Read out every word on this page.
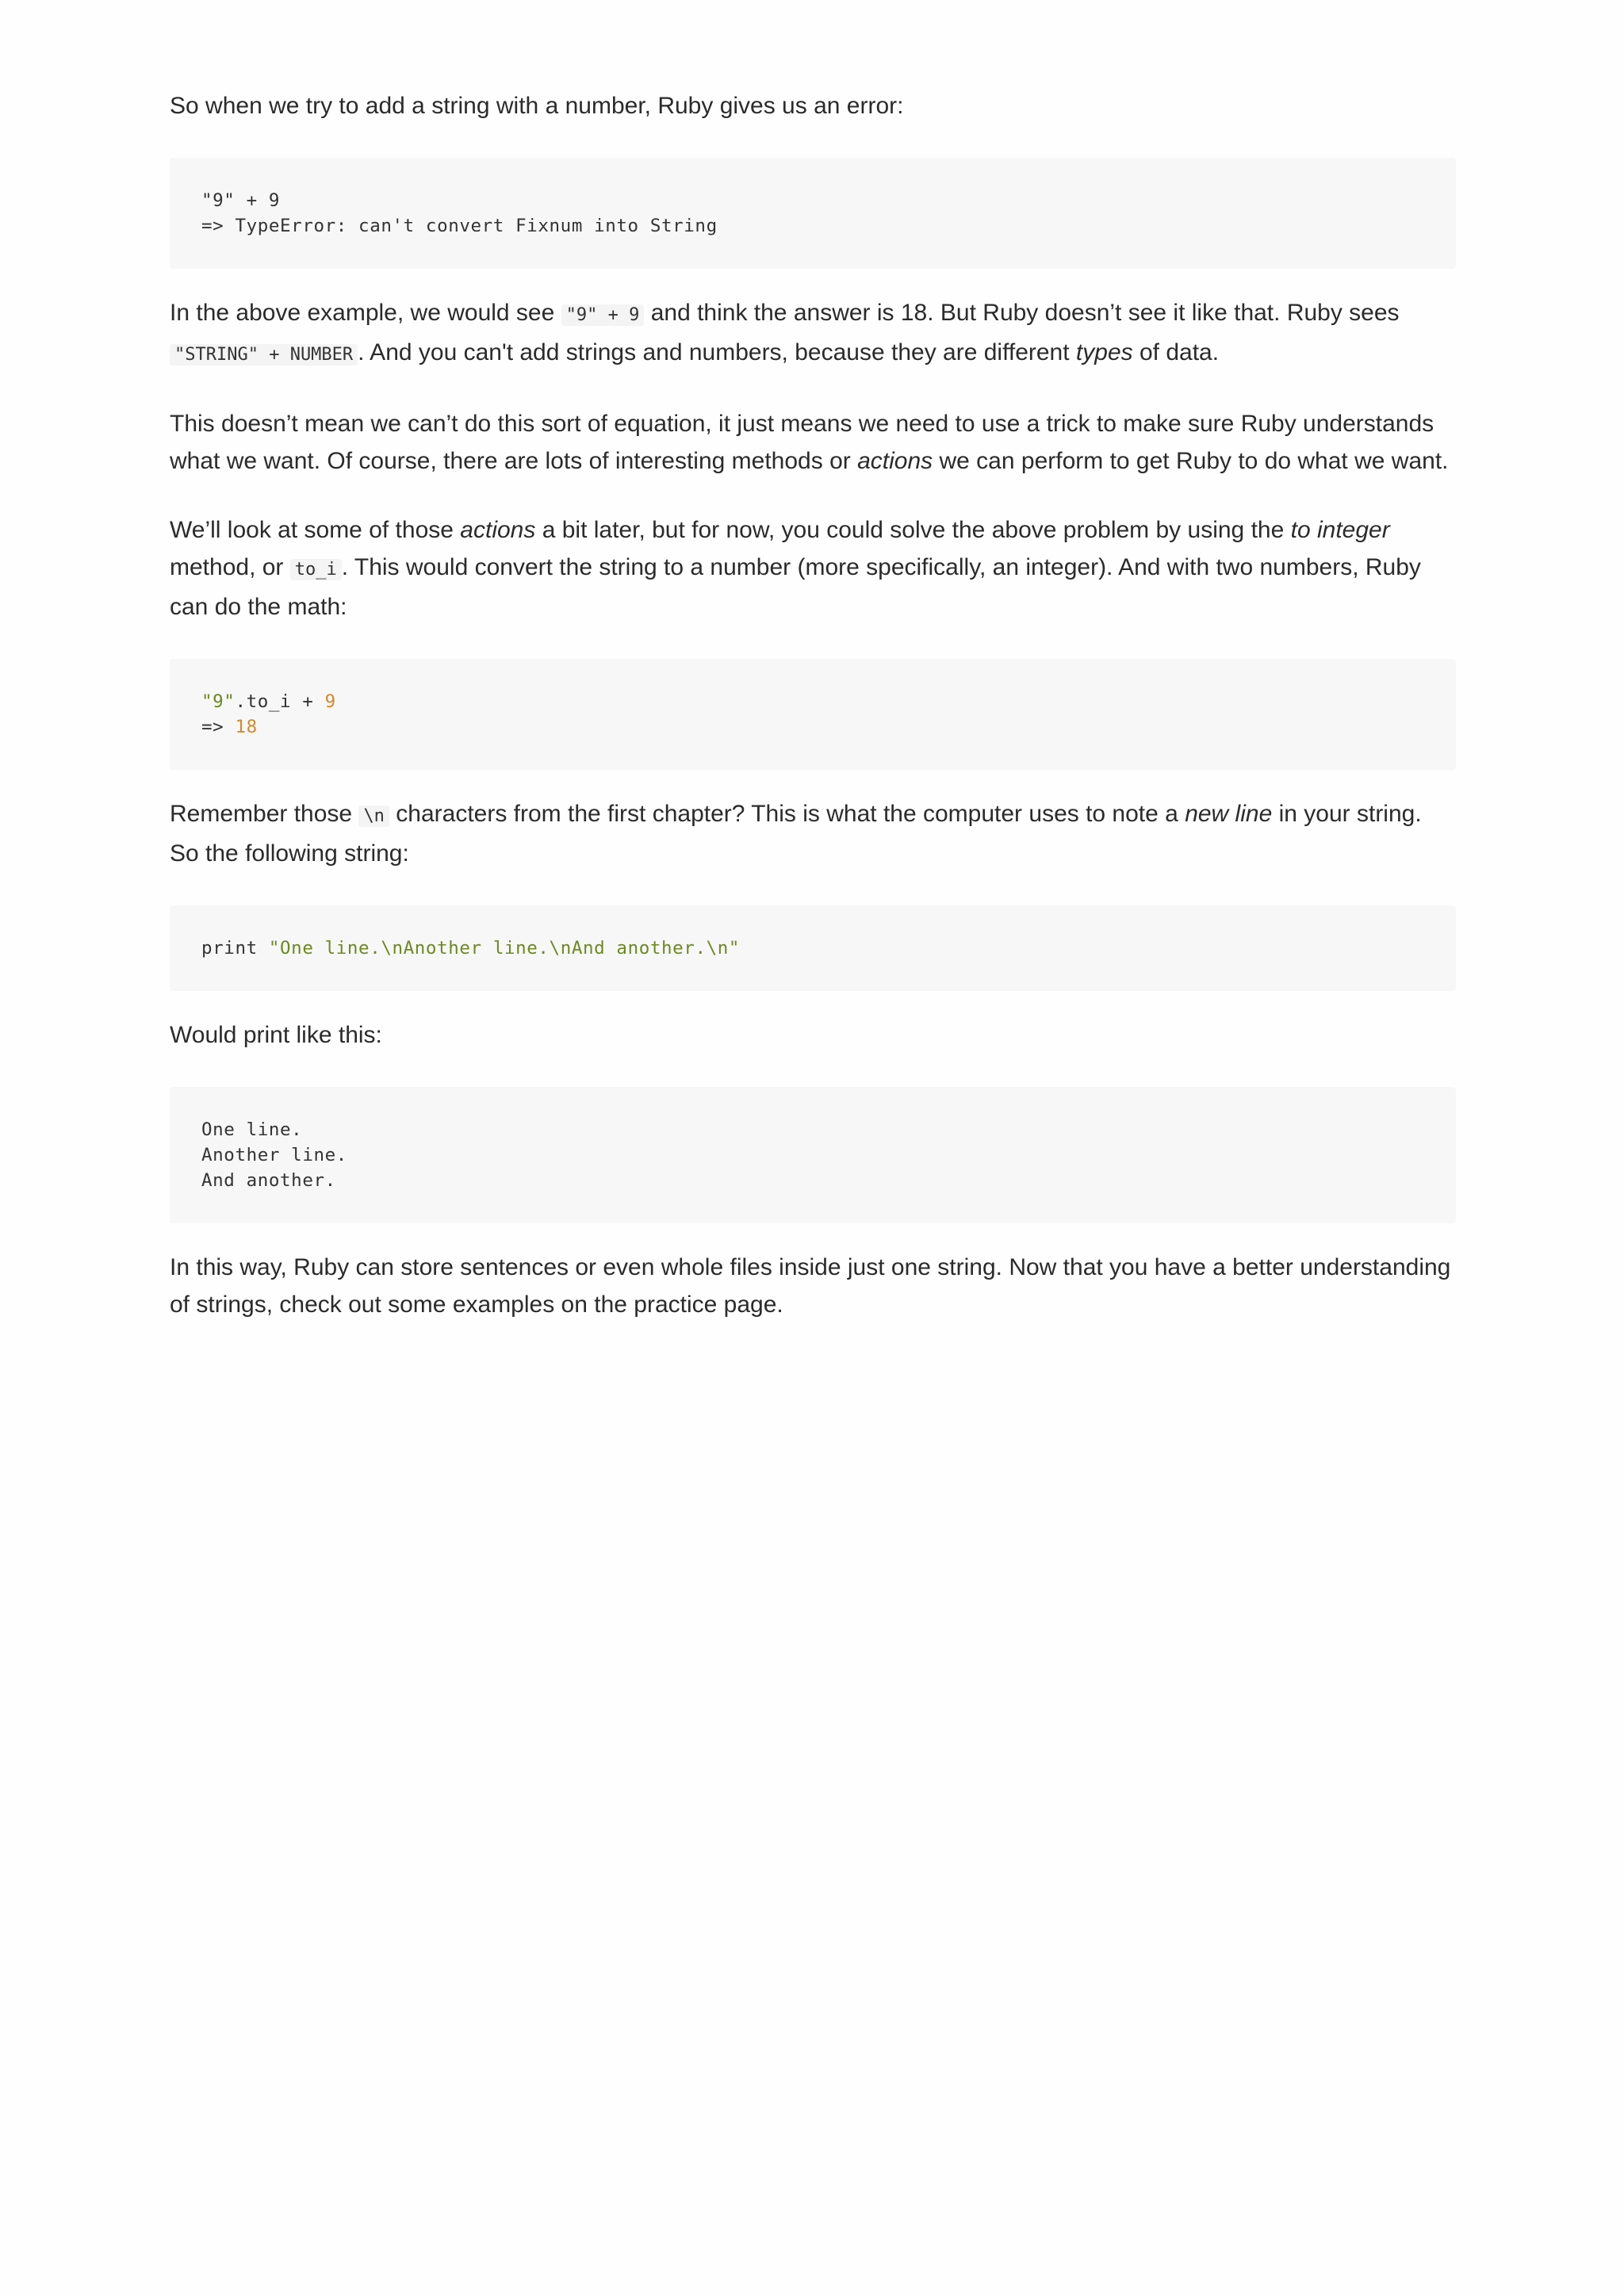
So when we try to add a string with a number, Ruby gives us an error:

"9" + 9
=> TypeError: can't convert Fixnum into String

In the above example, we would see "9" + 9 and think the answer is 18. But Ruby doesn’t see it like that. Ruby sees "STRING" + NUMBER . And you can't add strings and numbers, because they are different types of data.

This doesn’t mean we can’t do this sort of equation, it just means we need to use a trick to make sure Ruby understands what we want. Of course, there are lots of interesting methods or actions we can perform to get Ruby to do what we want.

We’ll look at some of those actions a bit later, but for now, you could solve the above problem by using the to integer method, or to_i . This would convert the string to a number (more specifically, an integer). And with two numbers, Ruby can do the math:

"9".to_i + 9
=> 18

Remember those \n characters from the first chapter? This is what the computer uses to note a new line in your string. So the following string:

print "One line.\nAnother line.\nAnd another.\n"

Would print like this:

One line.
Another line.
And another.

In this way, Ruby can store sentences or even whole files inside just one string. Now that you have a better understanding of strings, check out some examples on the practice page.
